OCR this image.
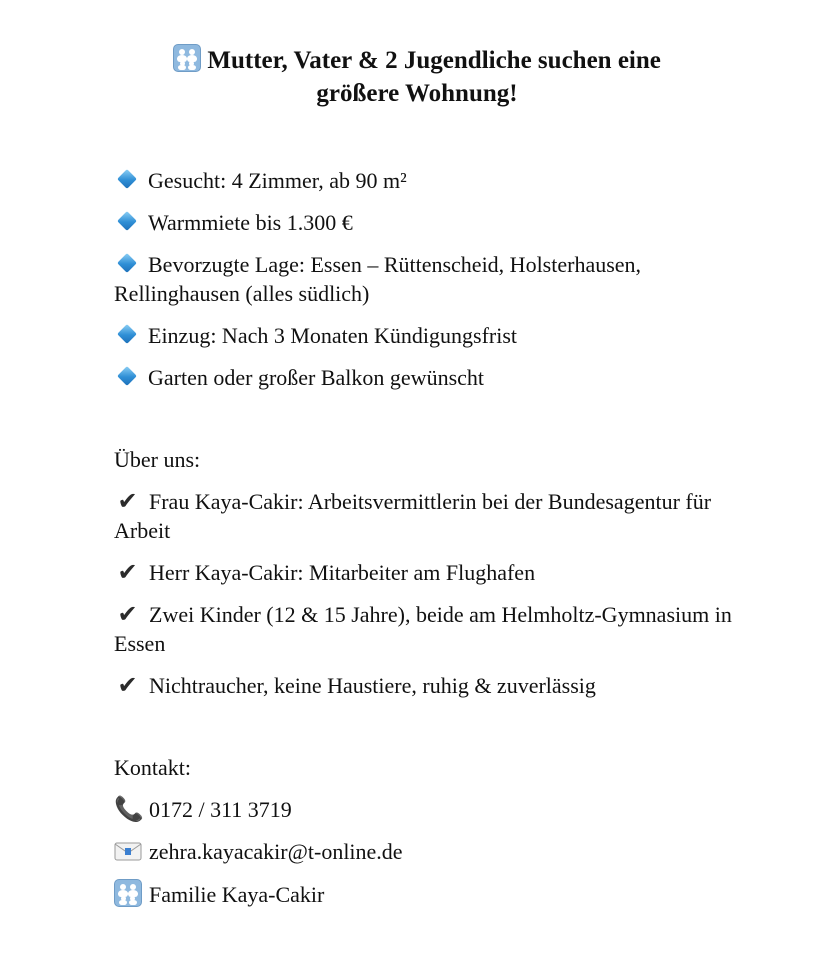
Mutter, Vater & 2 Jugendliche suchen eine
größere Wohnung!
Gesucht: 4 Zimmer, ab 90 m²
Warmmiete bis 1.300 €
Bevorzugte Lage: Essen – Rüttenscheid, Holsterhausen, Rellinghausen (alles südlich)
Einzug: Nach 3 Monaten Kündigungsfrist
Garten oder großer Balkon gewünscht
Über uns:
✔ Frau Kaya-Cakir: Arbeitsvermittlerin bei der Bundesagentur für Arbeit
✔ Herr Kaya-Cakir: Mitarbeiter am Flughafen
✔ Zwei Kinder (12 & 15 Jahre), beide am Helmholtz-Gymnasium in Essen
✔ Nichtraucher, keine Haustiere, ruhig & zuverlässig
Kontakt:
📞 0172 / 311 3719
zehra.kayacakir@t-online.de
Familie Kaya-Cakir
